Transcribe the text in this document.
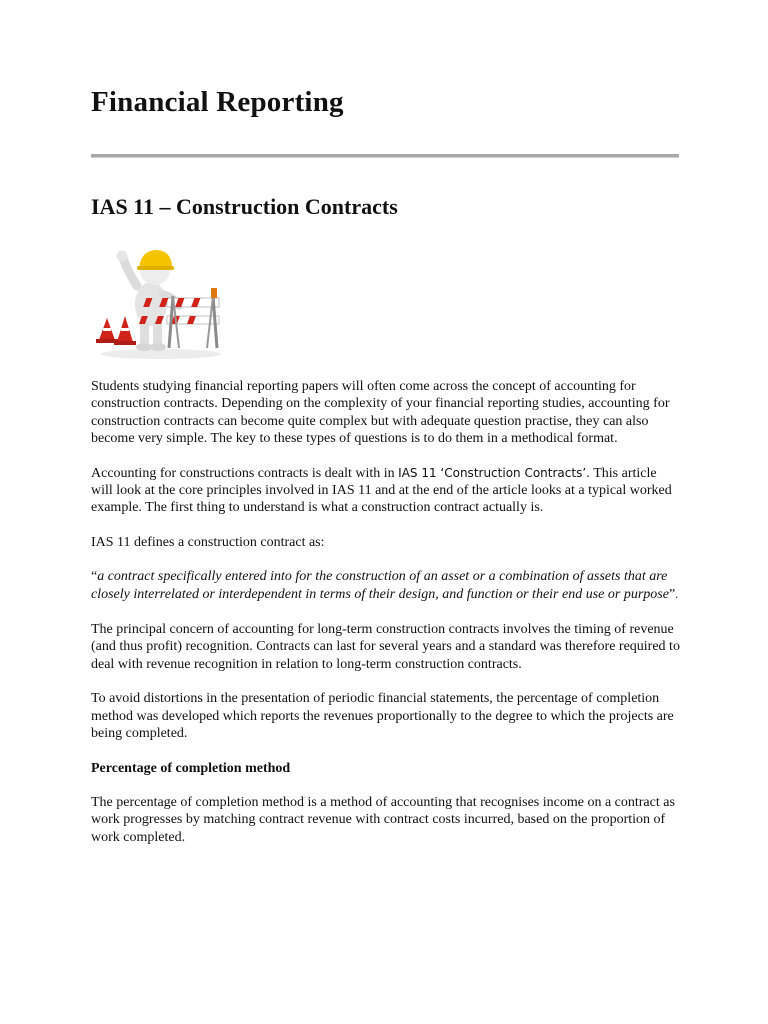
Financial Reporting
IAS 11 – Construction Contracts

Students studying financial reporting papers will often come across the concept of accounting for construction contracts. Depending on the complexity of your financial reporting studies, accounting for construction contracts can become quite complex but with adequate question practise, they can also become very simple. The key to these types of questions is to do them in a methodical format.

Accounting for constructions contracts is dealt with in IAS 11 ‘Construction Contracts’. This article will look at the core principles involved in IAS 11 and at the end of the article looks at a typical worked example. The first thing to understand is what a construction contract actually is.

IAS 11 defines a construction contract as:

“a contract specifically entered into for the construction of an asset or a combination of assets that are closely interrelated or interdependent in terms of their design, and function or their end use or purpose”.

The principal concern of accounting for long-term construction contracts involves the timing of revenue (and thus profit) recognition. Contracts can last for several years and a standard was therefore required to deal with revenue recognition in relation to long-term construction contracts.

To avoid distortions in the presentation of periodic financial statements, the percentage of completion method was developed which reports the revenues proportionally to the degree to which the projects are being completed.

Percentage of completion method

The percentage of completion method is a method of accounting that recognises income on a contract as work progresses by matching contract revenue with contract costs incurred, based on the proportion of work completed.
